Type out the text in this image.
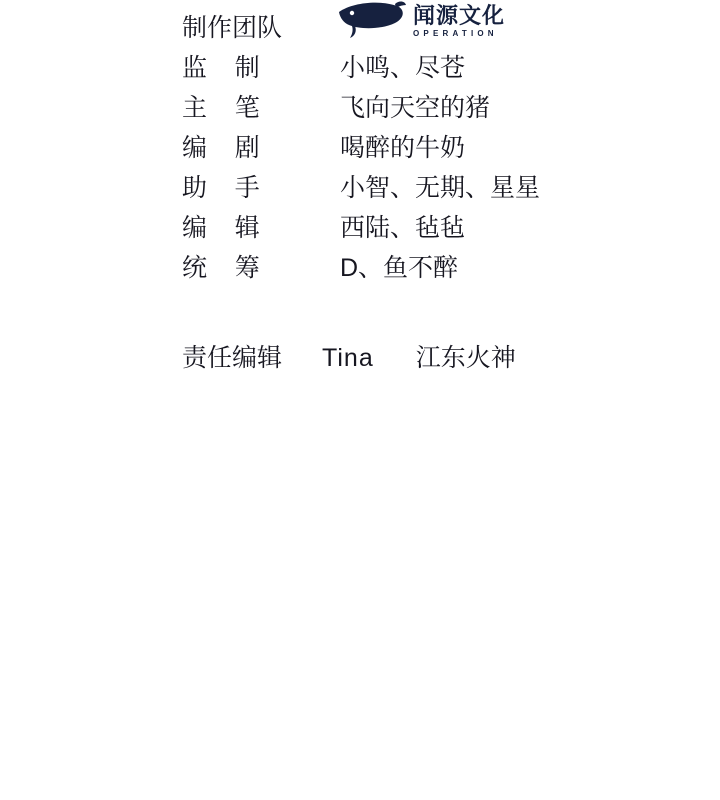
制作团队
监    制	小鸣、尽苍
主    笔	飞向天空的猪
编    剧	喝醉的牛奶
助    手	小智、无期、星星
编    辑	西陆、毡毡
统    筹	D、鱼不醉
闻源文化
OPERATION
责任编辑 Tina 江东火神
